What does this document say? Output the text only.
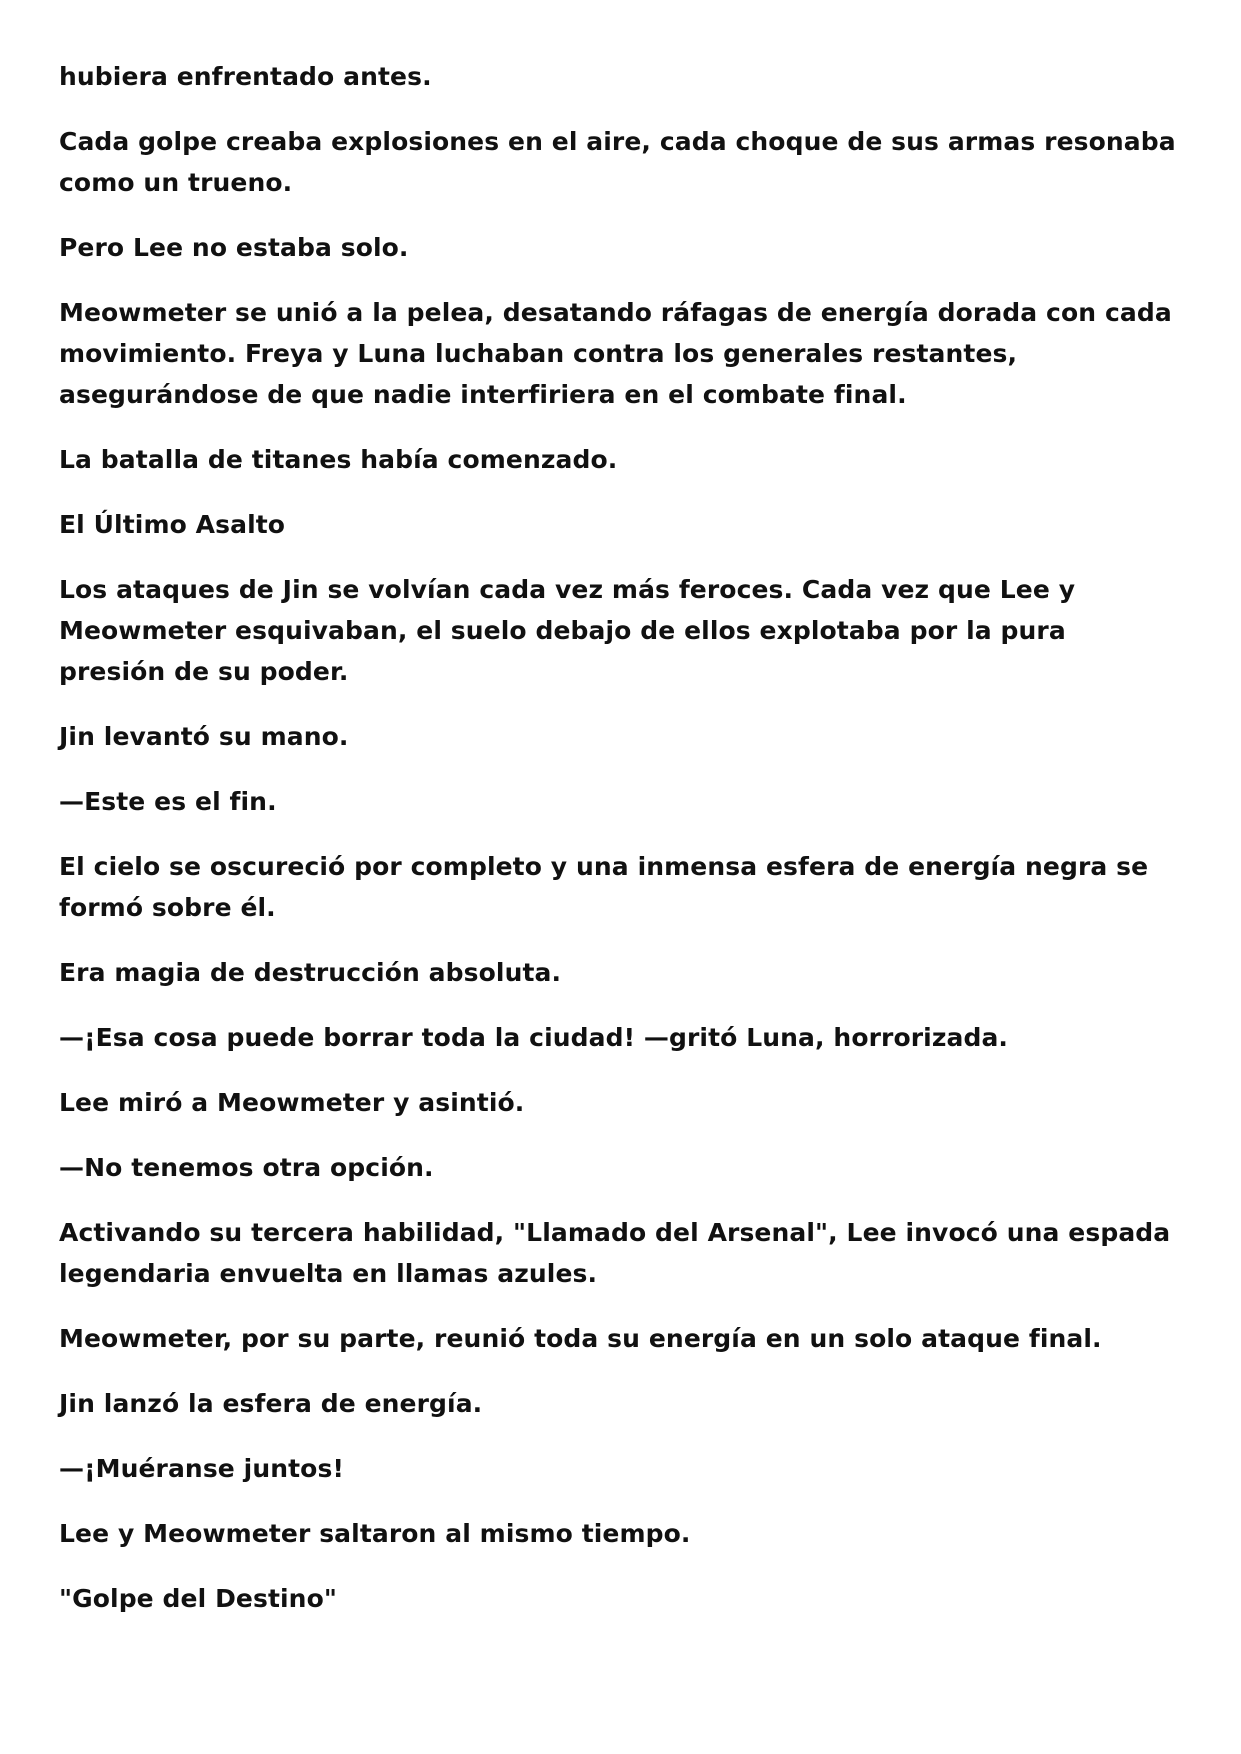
hubiera enfrentado antes.

Cada golpe creaba explosiones en el aire, cada choque de sus armas resonaba como un trueno.

Pero Lee no estaba solo.

Meowmeter se unió a la pelea, desatando ráfagas de energía dorada con cada movimiento. Freya y Luna luchaban contra los generales restantes, asegurándose de que nadie interfiriera en el combate final.

La batalla de titanes había comenzado.

El Último Asalto

Los ataques de Jin se volvían cada vez más feroces. Cada vez que Lee y Meowmeter esquivaban, el suelo debajo de ellos explotaba por la pura presión de su poder.

Jin levantó su mano.

—Este es el fin.

El cielo se oscureció por completo y una inmensa esfera de energía negra se formó sobre él.

Era magia de destrucción absoluta.

—¡Esa cosa puede borrar toda la ciudad! —gritó Luna, horrorizada.

Lee miró a Meowmeter y asintió.

—No tenemos otra opción.

Activando su tercera habilidad, "Llamado del Arsenal", Lee invocó una espada legendaria envuelta en llamas azules.

Meowmeter, por su parte, reunió toda su energía en un solo ataque final.

Jin lanzó la esfera de energía.

—¡Muéranse juntos!

Lee y Meowmeter saltaron al mismo tiempo.

"Golpe del Destino"
